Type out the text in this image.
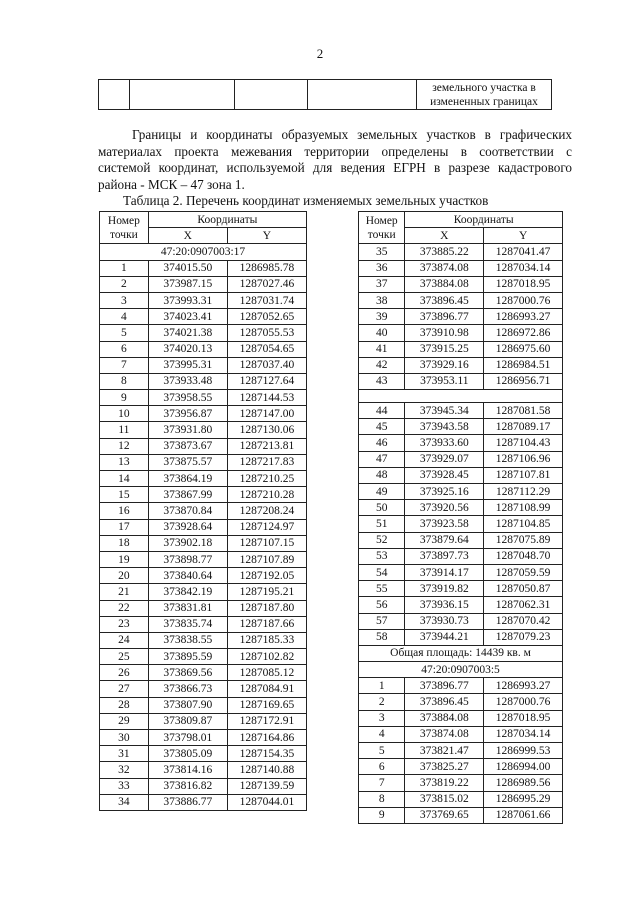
2

земельного участка в
измененных границах
Границы и координаты образуемых земельных участков в графических
материалах проекта межевания территории определены в соответствии с
системой координат, используемой для ведения ЕГРН в разрезе кадастрового
района - МСК – 47 зона 1.
Таблица 2. Перечень координат изменяемых земельных участков
Номер
точки	Координаты	
	X	Y
47:20:0907003:17		
1	374015.50	1286985.78
2	373987.15	1287027.46
3	373993.31	1287031.74
4	374023.41	1287052.65
5	374021.38	1287055.53
6	374020.13	1287054.65
7	373995.31	1287037.40
8	373933.48	1287127.64
9	373958.55	1287144.53
10	373956.87	1287147.00
11	373931.80	1287130.06
12	373873.67	1287213.81
13	373875.57	1287217.83
14	373864.19	1287210.25
15	373867.99	1287210.28
16	373870.84	1287208.24
17	373928.64	1287124.97
18	373902.18	1287107.15
19	373898.77	1287107.89
20	373840.64	1287192.05
21	373842.19	1287195.21
22	373831.81	1287187.80
23	373835.74	1287187.66
24	373838.55	1287185.33
25	373895.59	1287102.82
26	373869.56	1287085.12
27	373866.73	1287084.91
28	373807.90	1287169.65
29	373809.87	1287172.91
30	373798.01	1287164.86
31	373805.09	1287154.35
32	373814.16	1287140.88
33	373816.82	1287139.59
34	373886.77	1287044.01
Номер
точки	Координаты	
	X	Y
35	373885.22	1287041.47
36	373874.08	1287034.14
37	373884.08	1287018.95
38	373896.45	1287000.76
39	373896.77	1286993.27
40	373910.98	1286972.86
41	373915.25	1286975.60
42	373929.16	1286984.51
43	373953.11	1286956.71

44	373945.34	1287081.58
45	373943.58	1287089.17
46	373933.60	1287104.43
47	373929.07	1287106.96
48	373928.45	1287107.81
49	373925.16	1287112.29
50	373920.56	1287108.99
51	373923.58	1287104.85
52	373879.64	1287075.89
53	373897.73	1287048.70
54	373914.17	1287059.59
55	373919.82	1287050.87
56	373936.15	1287062.31
57	373930.73	1287070.42
58	373944.21	1287079.23
Общая площадь: 14439 кв. м		
47:20:0907003:5		
1	373896.77	1286993.27
2	373896.45	1287000.76
3	373884.08	1287018.95
4	373874.08	1287034.14
5	373821.47	1286999.53
6	373825.27	1286994.00
7	373819.22	1286989.56
8	373815.02	1286995.29
9	373769.65	1287061.66
